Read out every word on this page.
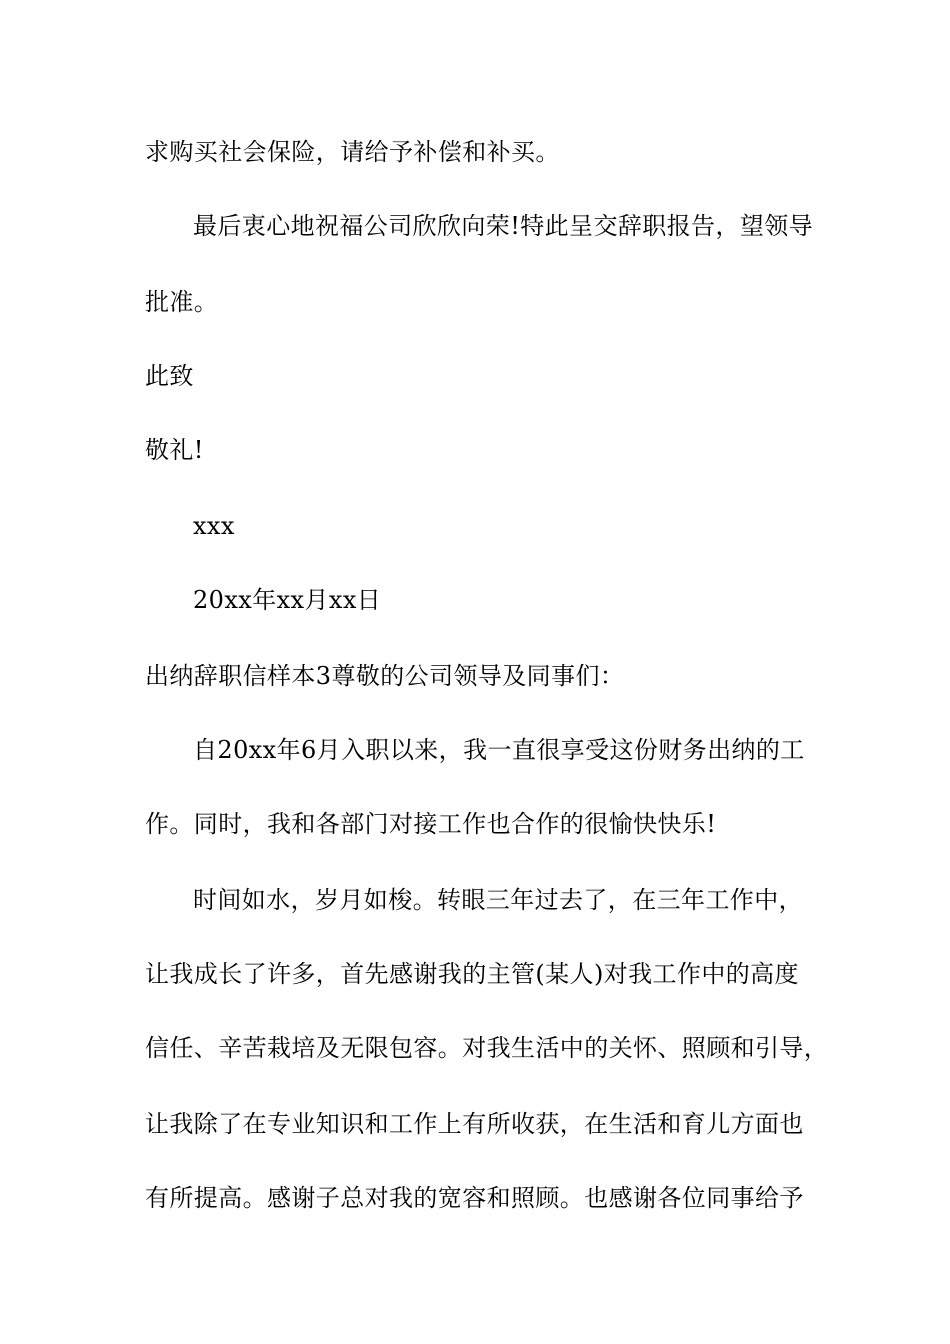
求购买社会保险，请给予补偿和补买。
最后衷心地祝福公司欣欣向荣!特此呈交辞职报告，望领导
批准。
此致
敬礼!
xxx
20xx年xx月xx日
出纳辞职信样本3尊敬的公司领导及同事们：
自20xx年6月入职以来，我一直很享受这份财务出纳的工
作。同时，我和各部门对接工作也合作的很愉快快乐!
时间如水，岁月如梭。转眼三年过去了，在三年工作中，
让我成长了许多，首先感谢我的主管(某人)对我工作中的高度
信任、辛苦栽培及无限包容。对我生活中的关怀、照顾和引导，
让我除了在专业知识和工作上有所收获，在生活和育儿方面也
有所提高。感谢子总对我的宽容和照顾。也感谢各位同事给予
